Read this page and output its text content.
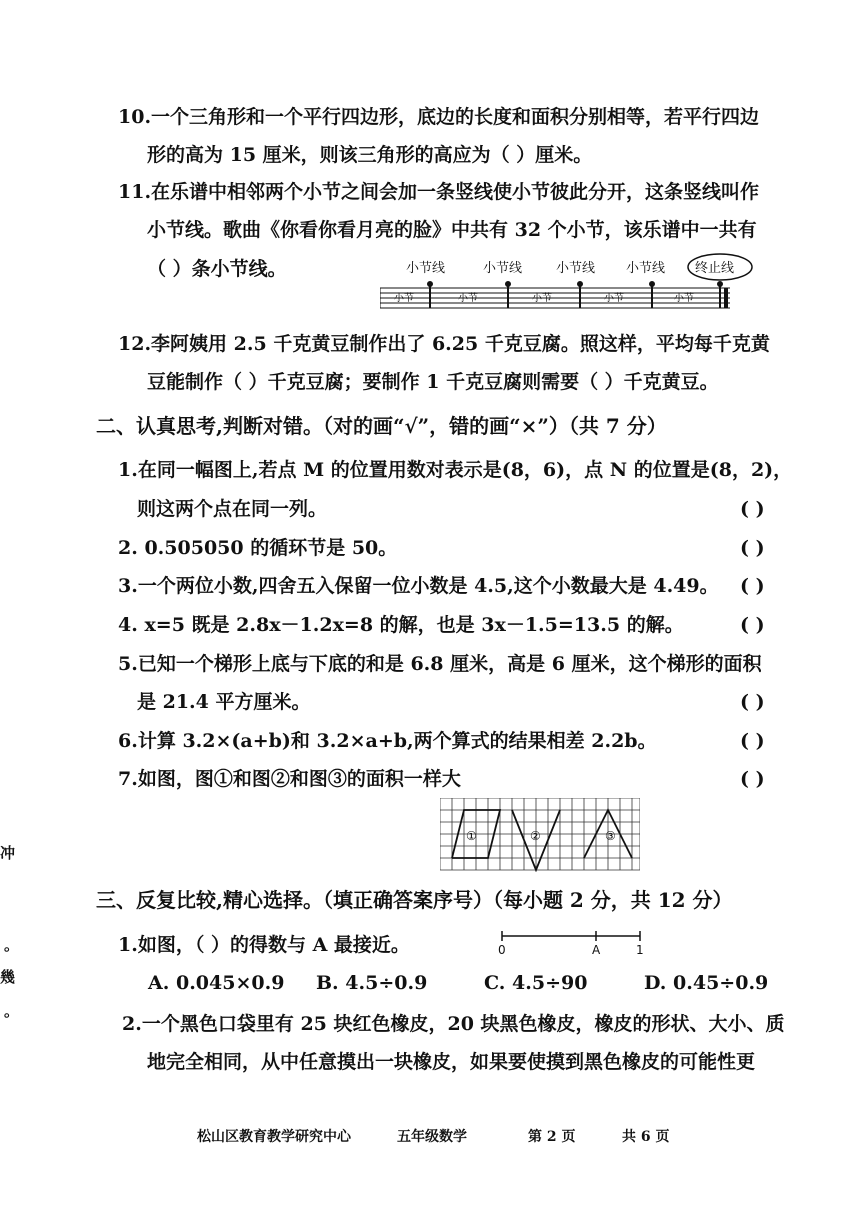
10.一个三角形和一个平行四边形，底边的长度和面积分别相等，若平行四边
形的高为 15 厘米，则该三角形的高应为（ ）厘米。
11.在乐谱中相邻两个小节之间会加一条竖线使小节彼此分开，这条竖线叫作
小节线。歌曲《你看你看月亮的脸》中共有 32 个小节，该乐谱中一共有
（ ）条小节线。	小节线	小节线	小节线 小节线 终止线
小节	小节	小节	小节	小节
12.李阿姨用 2.5 千克黄豆制作出了 6.25 千克豆腐。照这样，平均每千克黄
豆能制作（ ）千克豆腐；要制作 1 千克豆腐则需要（ ）千克黄豆。
二、认真思考,判断对错。（对的画“√”，错的画“×”）（共 7 分）
1.在同一幅图上,若点 M 的位置用数对表示是(8，6)，点 N 的位置是(8，2)，
则这两个点在同一列。	( )
2. 0.505050 的循环节是 50。	( )
3.一个两位小数,四舍五入保留一位小数是 4.5,这个小数最大是 4.49。 ( )
4. x=5 既是 2.8x－1.2x=8 的解，也是 3x－1.5=13.5 的解。	( )
5.已知一个梯形上底与下底的和是 6.8 厘米，高是 6 厘米，这个梯形的面积
是 21.4 平方厘米。	( )
6.计算 3.2×(a+b)和 3.2×a+b,两个算式的结果相差 2.2b。	( )
7.如图，图①和图②和图③的面积一样大	( )
①	②	③
三、反复比较,精心选择。（填正确答案序号）（每小题 2 分，共 12 分）
1.如图，（ ）的得数与 A 最接近。	0	A	1
A. 0.045×0.9 B. 4.5÷0.9	C. 4.5÷90	D. 0.45÷0.9
2.一个黑色口袋里有 25 块红色橡皮，20 块黑色橡皮，橡皮的形状、大小、质
地完全相同，从中任意摸出一块橡皮，如果要使摸到黑色橡皮的可能性更
冲
。
幾
。
松山区教育教学研究中心	五年级数学	第 2 页	共 6 页
